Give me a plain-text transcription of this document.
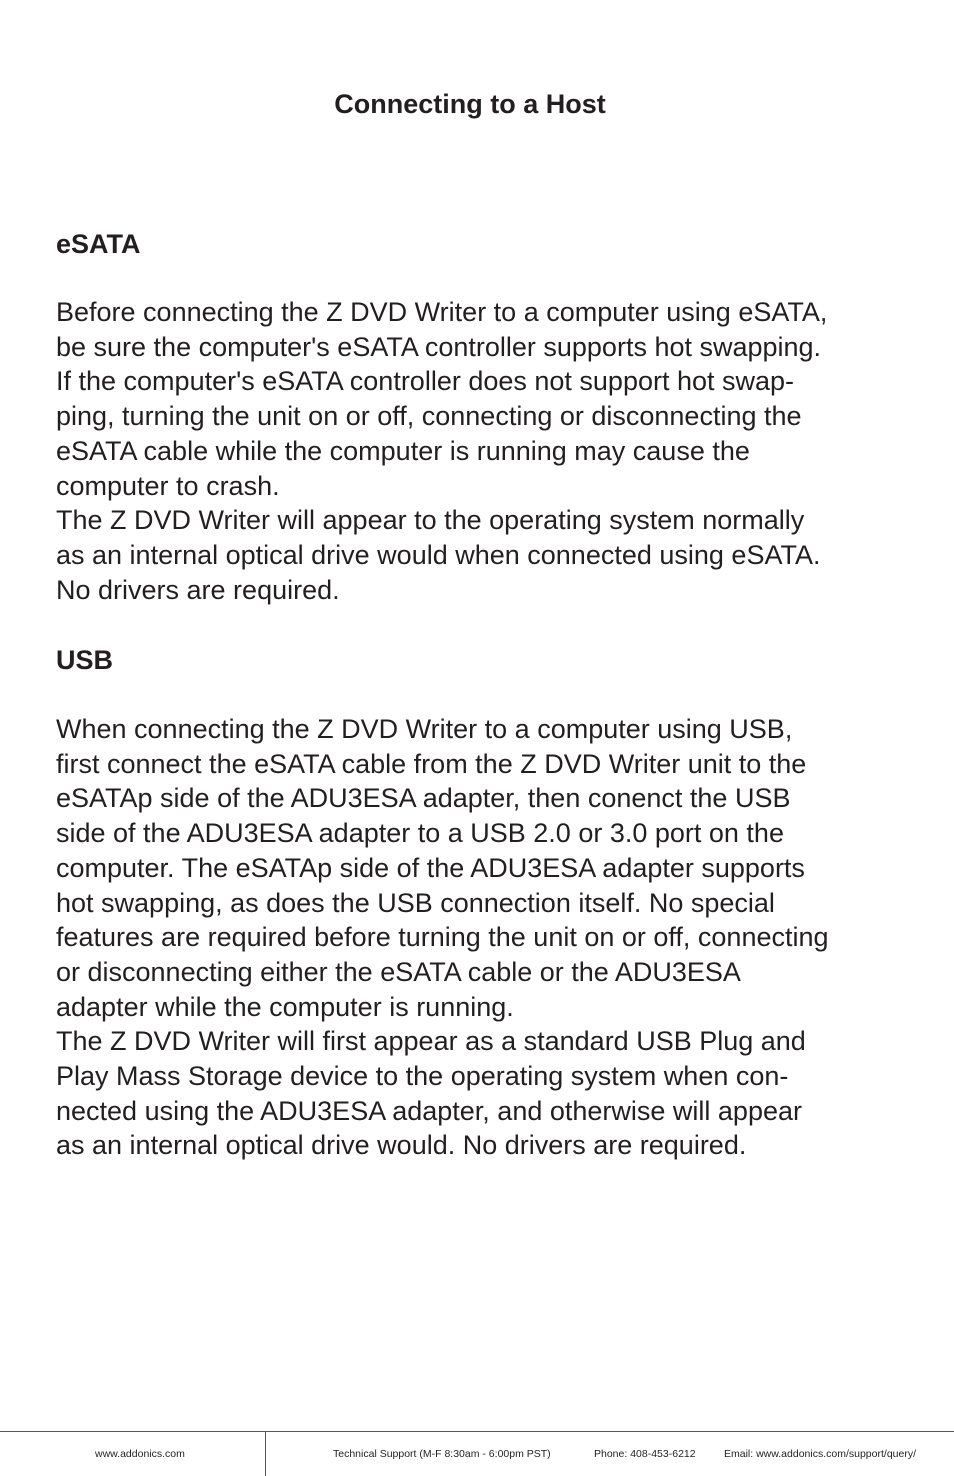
Connecting to a Host
eSATA
Before connecting the Z DVD Writer to a computer using eSATA,
be sure the computer's eSATA controller supports hot swapping.
If the computer's eSATA controller does not support hot swap-
ping, turning the unit on or off, connecting or disconnecting the
eSATA cable while the computer is running may cause the
computer to crash.
The Z DVD Writer will appear to the operating system normally
as an internal optical drive would when connected using eSATA.
No drivers are required.
USB
When connecting the Z DVD Writer to a computer using USB,
first connect the eSATA cable from the Z DVD Writer unit to the
eSATAp side of the ADU3ESA adapter, then conenct the USB
side of the ADU3ESA adapter to a USB 2.0 or 3.0 port on the
computer. The eSATAp side of the ADU3ESA adapter supports
hot swapping, as does the USB connection itself. No special
features are required before turning the unit on or off, connecting
or disconnecting either the eSATA cable or the ADU3ESA
adapter while the computer is running.
The Z DVD Writer will first appear as a standard USB Plug and
Play Mass Storage device to the operating system when con-
nected using the ADU3ESA adapter, and otherwise will appear
as an internal optical drive would. No drivers are required.
www.addonics.com	Technical Support (M-F 8:30am - 6:00pm PST)	Phone: 408-453-6212	Email: www.addonics.com/support/query/
